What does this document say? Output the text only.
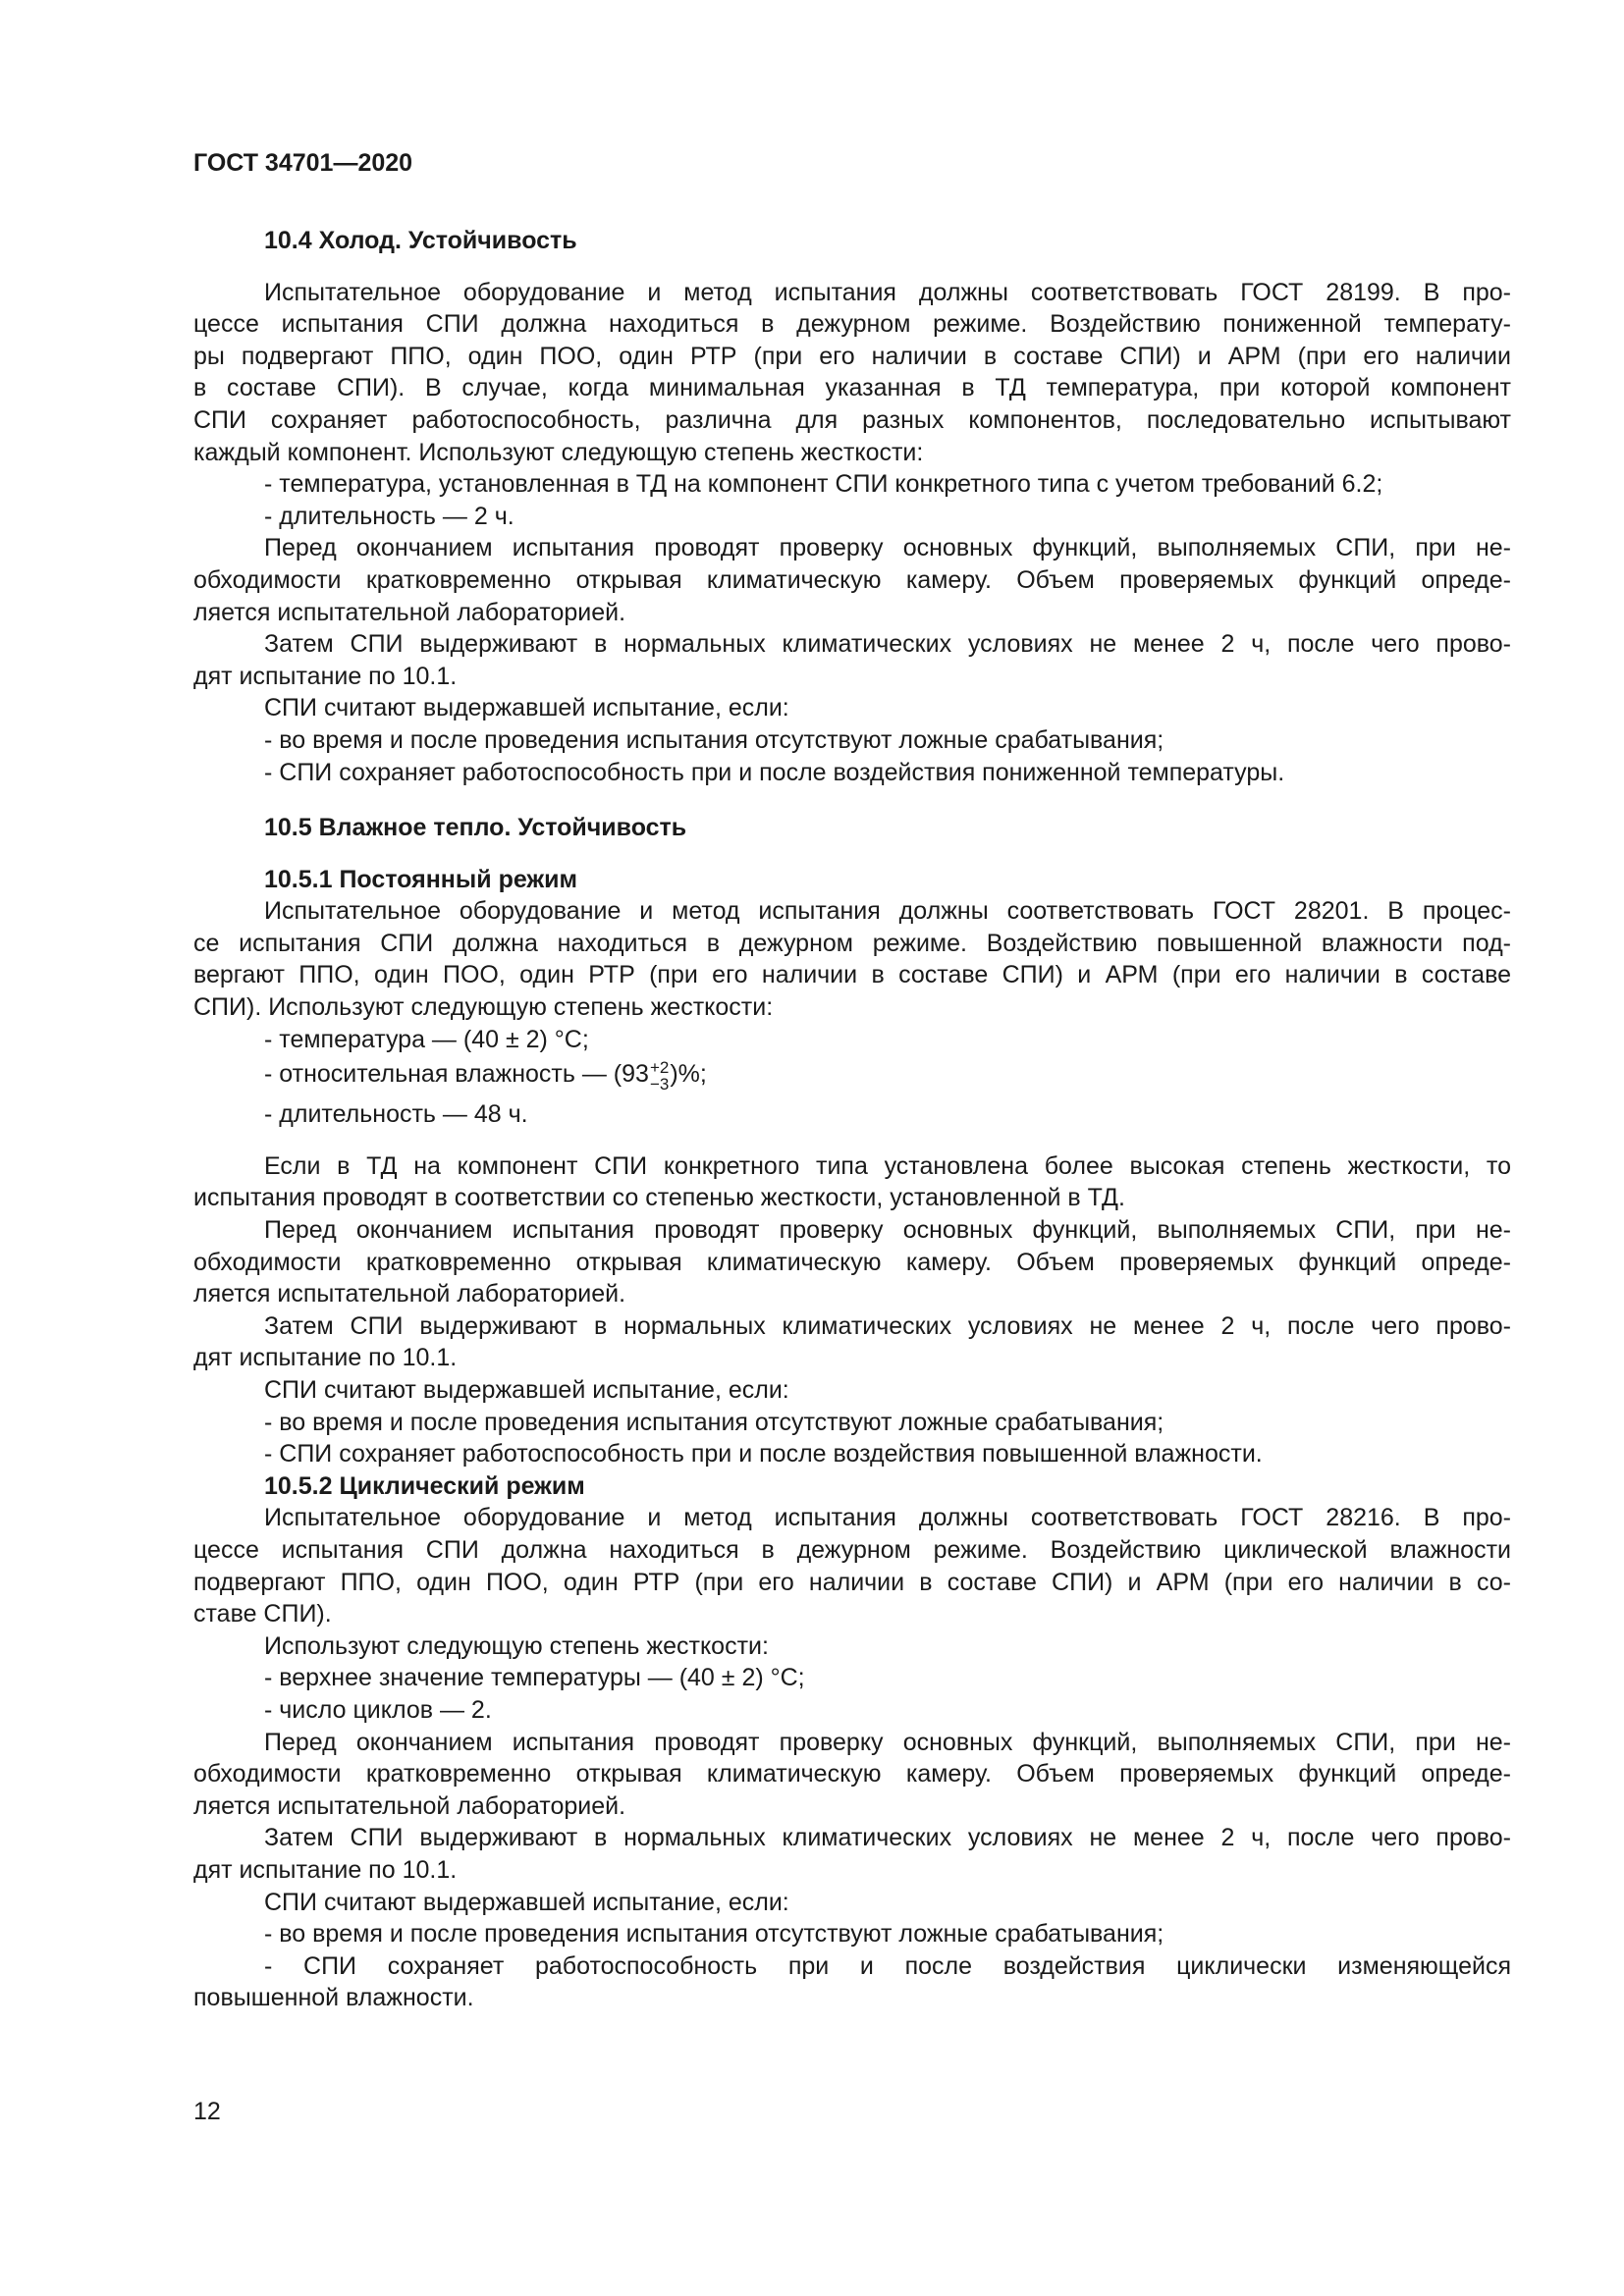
ГОСТ 34701—2020
10.4 Холод. Устойчивость

Испытательное оборудование и метод испытания должны соответствовать ГОСТ 28199. В про-

цессе испытания СПИ должна находиться в дежурном режиме. Воздействию пониженной температу-

ры подвергают ППО, один ПОО, один РТР (при его наличии в составе СПИ) и АРМ (при его наличии

в составе СПИ). В случае, когда минимальная указанная в ТД температура, при которой компонент

СПИ сохраняет работоспособность, различна для разных компонентов, последовательно испытывают

каждый компонент. Используют следующую степень жесткости:

- температура, установленная в ТД на компонент СПИ конкретного типа с учетом требований 6.2;

- длительность — 2 ч.

Перед окончанием испытания проводят проверку основных функций, выполняемых СПИ, при не-

обходимости кратковременно открывая климатическую камеру. Объем проверяемых функций опреде-

ляется испытательной лабораторией.

Затем СПИ выдерживают в нормальных климатических условиях не менее 2 ч, после чего прово-

дят испытание по 10.1.

СПИ считают выдержавшей испытание, если:

- во время и после проведения испытания отсутствуют ложные срабатывания;

- СПИ сохраняет работоспособность при и после воздействия пониженной температуры.

10.5 Влажное тепло. Устойчивость
10.5.1 Постоянный режим

Испытательное оборудование и метод испытания должны соответствовать ГОСТ 28201. В процес-

се испытания СПИ должна находиться в дежурном режиме. Воздействию повышенной влажности под-

вергают ППО, один ПОО, один РТР (при его наличии в составе СПИ) и АРМ (при его наличии в составе

СПИ). Используют следующую степень жесткости:

- температура — (40 ± 2) °С;

- относительная влажность — (93 +2
−3 )%;

- длительность — 48 ч.

Если в ТД на компонент СПИ конкретного типа установлена более высокая степень жесткости, то

испытания проводят в соответствии со степенью жесткости, установленной в ТД.

Перед окончанием испытания проводят проверку основных функций, выполняемых СПИ, при не-

обходимости кратковременно открывая климатическую камеру. Объем проверяемых функций опреде-

ляется испытательной лабораторией.

Затем СПИ выдерживают в нормальных климатических условиях не менее 2 ч, после чего прово-

дят испытание по 10.1.

СПИ считают выдержавшей испытание, если:

- во время и после проведения испытания отсутствуют ложные срабатывания;

- СПИ сохраняет работоспособность при и после воздействия повышенной влажности.

10.5.2 Циклический режим

Испытательное оборудование и метод испытания должны соответствовать ГОСТ 28216. В про-

цессе испытания СПИ должна находиться в дежурном режиме. Воздействию циклической влажности

подвергают ППО, один ПОО, один РТР (при его наличии в составе СПИ) и АРМ (при его наличии в со-

ставе СПИ).

Используют следующую степень жесткости:

- верхнее значение температуры — (40 ± 2) °С;

- число циклов — 2.

Перед окончанием испытания проводят проверку основных функций, выполняемых СПИ, при не-

обходимости кратковременно открывая климатическую камеру. Объем проверяемых функций опреде-

ляется испытательной лабораторией.

Затем СПИ выдерживают в нормальных климатических условиях не менее 2 ч, после чего прово-

дят испытание по 10.1.

СПИ считают выдержавшей испытание, если:

- во время и после проведения испытания отсутствуют ложные срабатывания;

- СПИ сохраняет работоспособность при и после воздействия циклически изменяющейся

повышенной влажности.

12
